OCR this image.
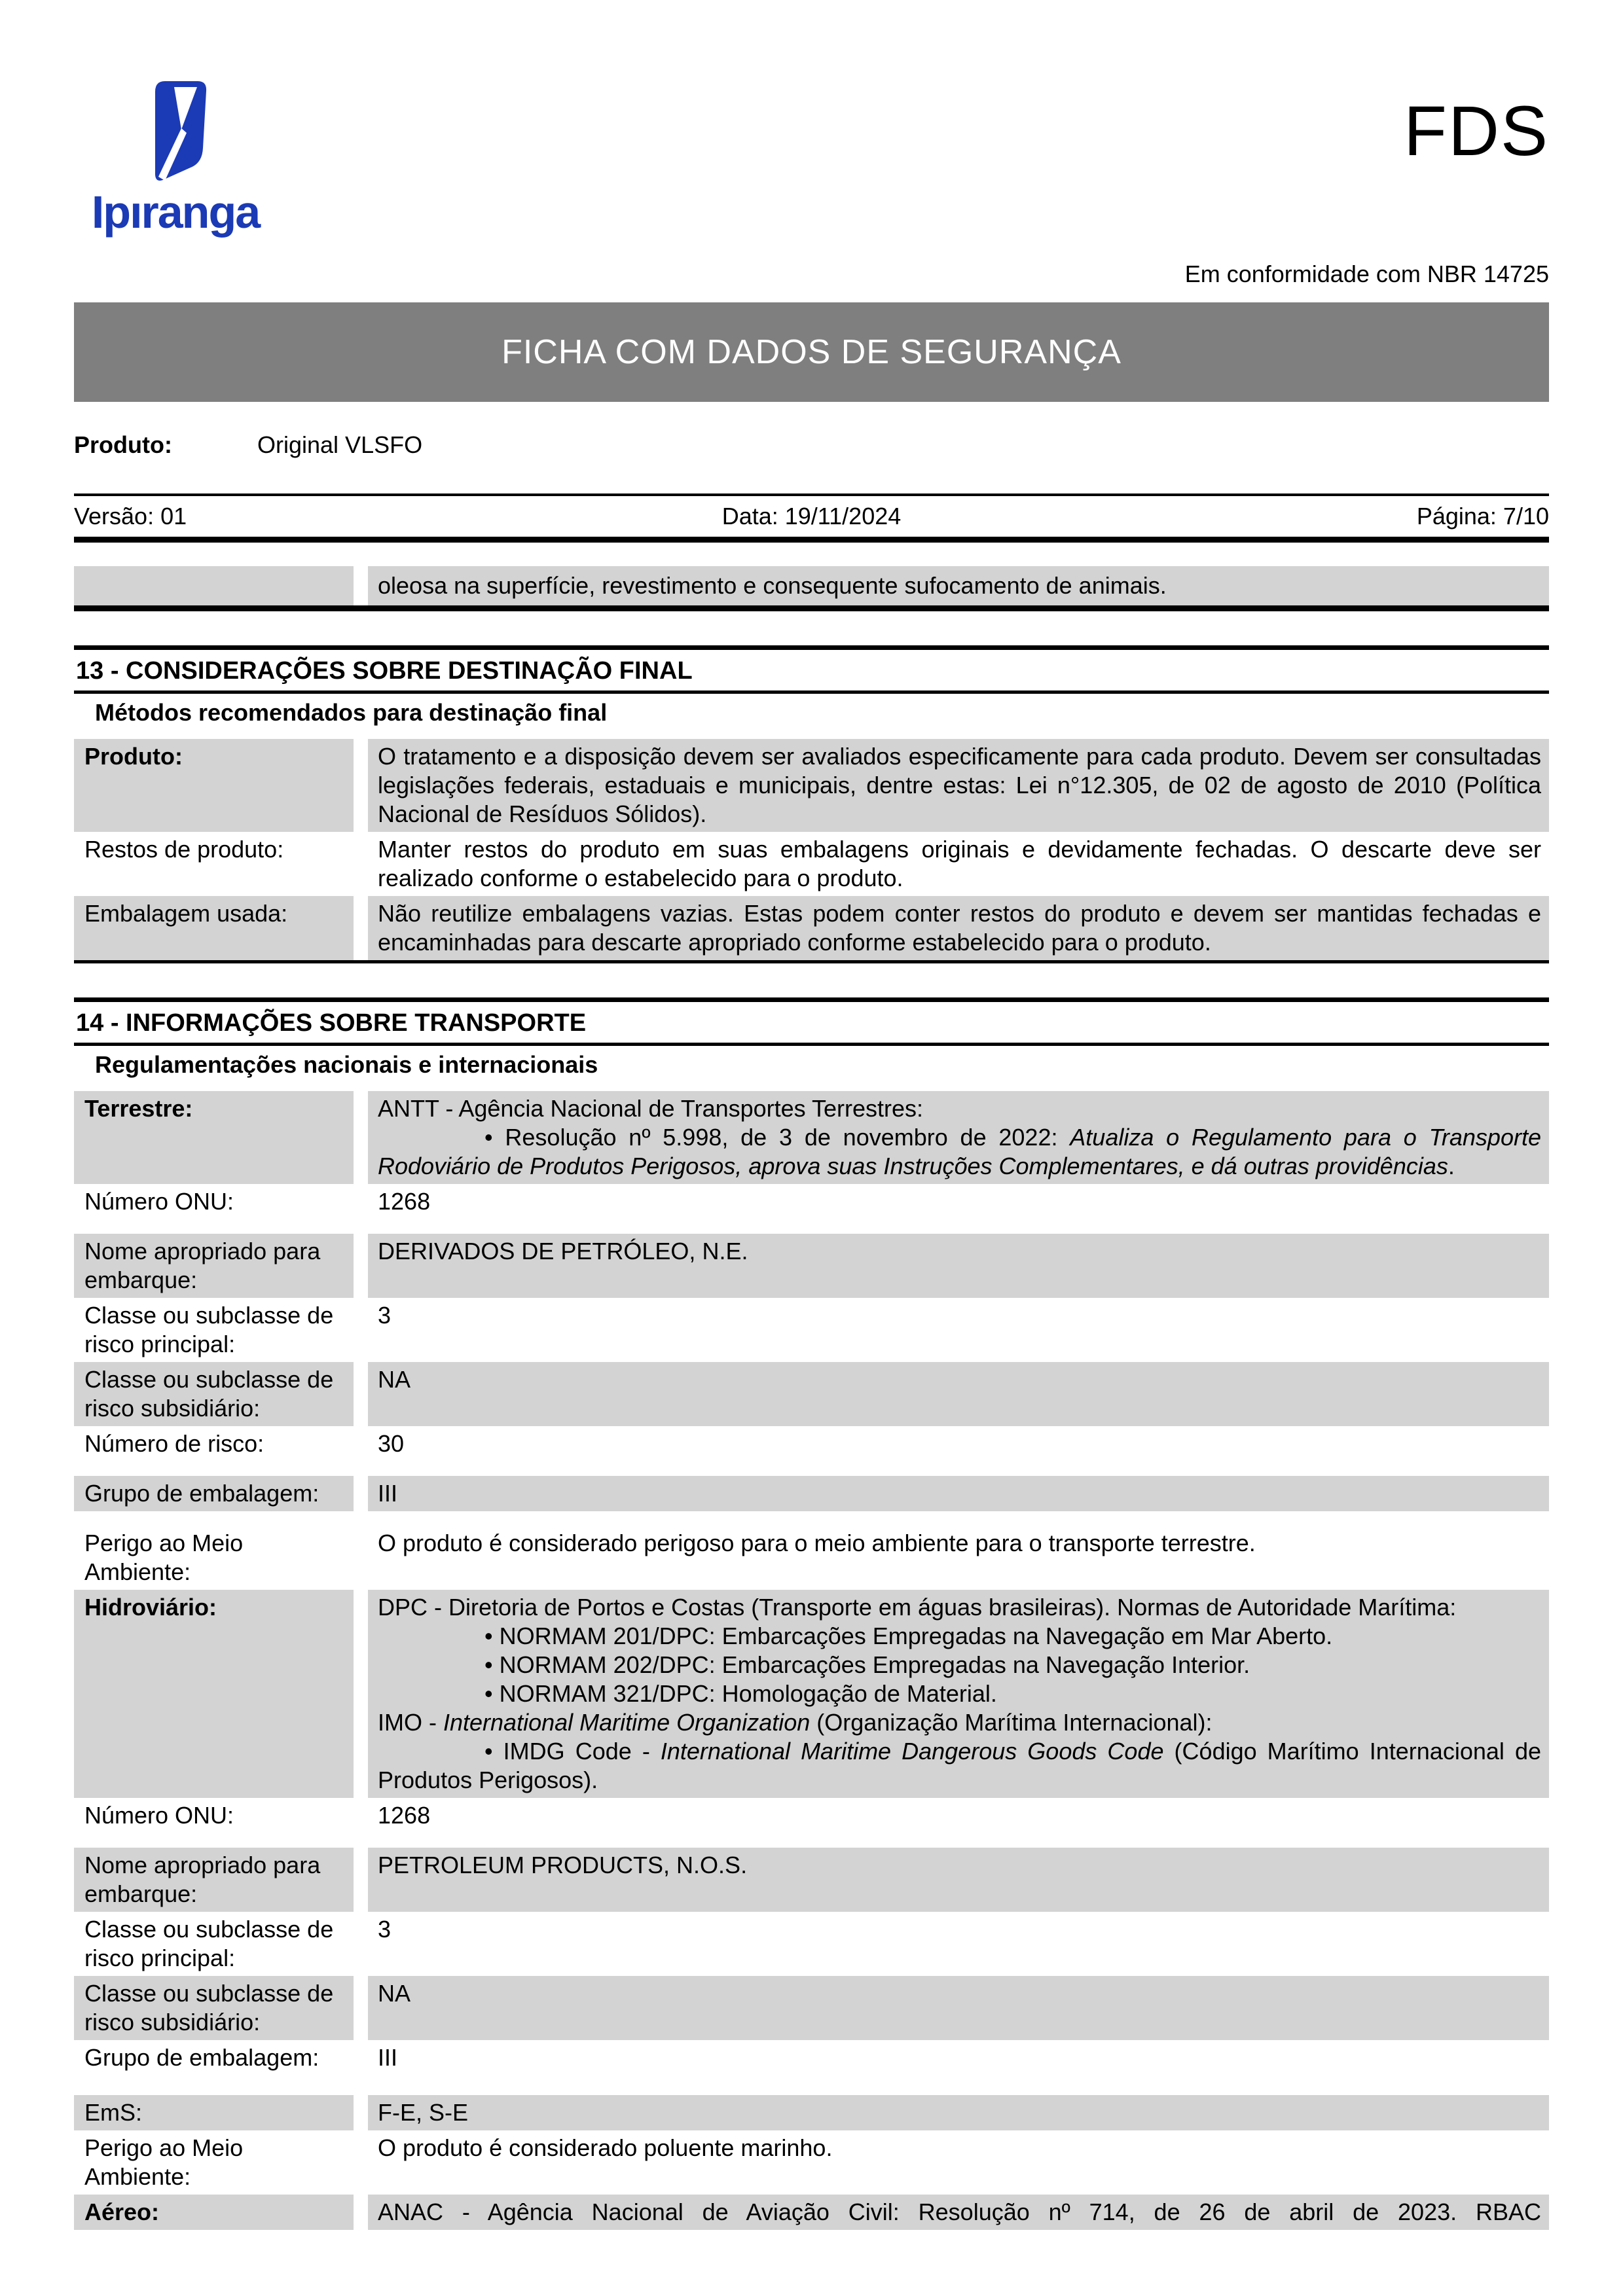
Ipıranga
FDS
Em conformidade com NBR 14725
FICHA COM DADOS DE SEGURANÇA
Produto:	Original VLSFO
Versão: 01	Data: 19/11/2024	Página: 7/10

oleosa na superfície, revestimento e consequente sufocamento de animais.

13 - CONSIDERAÇÕES SOBRE DESTINAÇÃO FINAL
Métodos recomendados para destinação final
Produto:	O tratamento e a disposição devem ser avaliados especificamente para cada produto. Devem ser consultadas legislações federais, estaduais e municipais, dentre estas: Lei n°12.305, de 02 de agosto de 2010 (Política Nacional de Resíduos Sólidos).

Restos de produto:	Manter restos do produto em suas embalagens originais e devidamente fechadas. O descarte deve ser realizado conforme o estabelecido para o produto.

Embalagem usada:	Não reutilize embalagens vazias. Estas podem conter restos do produto e devem ser mantidas fechadas e encaminhadas para descarte apropriado conforme estabelecido para o produto.

14 - INFORMAÇÕES SOBRE TRANSPORTE
Regulamentações nacionais e internacionais
Terrestre:	ANTT - Agência Nacional de Transportes Terrestres:

• Resolução nº 5.998, de 3 de novembro de 2022: Atualiza o Regulamento para o Transporte Rodoviário de Produtos Perigosos, aprova suas Instruções Complementares, e dá outras providências.

Número ONU:	1268

Nome apropriado para embarque:

DERIVADOS DE PETRÓLEO, N.E.

Classe ou subclasse de risco principal:

3

Classe ou subclasse de risco subsidiário:

NA

Número de risco:	30

Grupo de embalagem:	III

Perigo ao Meio Ambiente:

O produto é considerado perigoso para o meio ambiente para o transporte terrestre.

Hidroviário:	DPC - Diretoria de Portos e Costas (Transporte em águas brasileiras). Normas de Autoridade Marítima:

• NORMAM 201/DPC: Embarcações Empregadas na Navegação em Mar Aberto.

• NORMAM 202/DPC: Embarcações Empregadas na Navegação Interior.

• NORMAM 321/DPC: Homologação de Material.

IMO - International Maritime Organization (Organização Marítima Internacional):

• IMDG Code - International Maritime Dangerous Goods Code (Código Marítimo Internacional de Produtos Perigosos).

Número ONU:	1268

Nome apropriado para embarque:

PETROLEUM PRODUCTS, N.O.S.

Classe ou subclasse de risco principal:

3

Classe ou subclasse de risco subsidiário:

NA

Grupo de embalagem:	III

EmS:	F-E, S-E

Perigo ao Meio Ambiente:

O produto é considerado poluente marinho.

Aéreo:	ANAC - Agência Nacional de Aviação Civil: Resolução nº 714, de 26 de abril de 2023. RBAC
